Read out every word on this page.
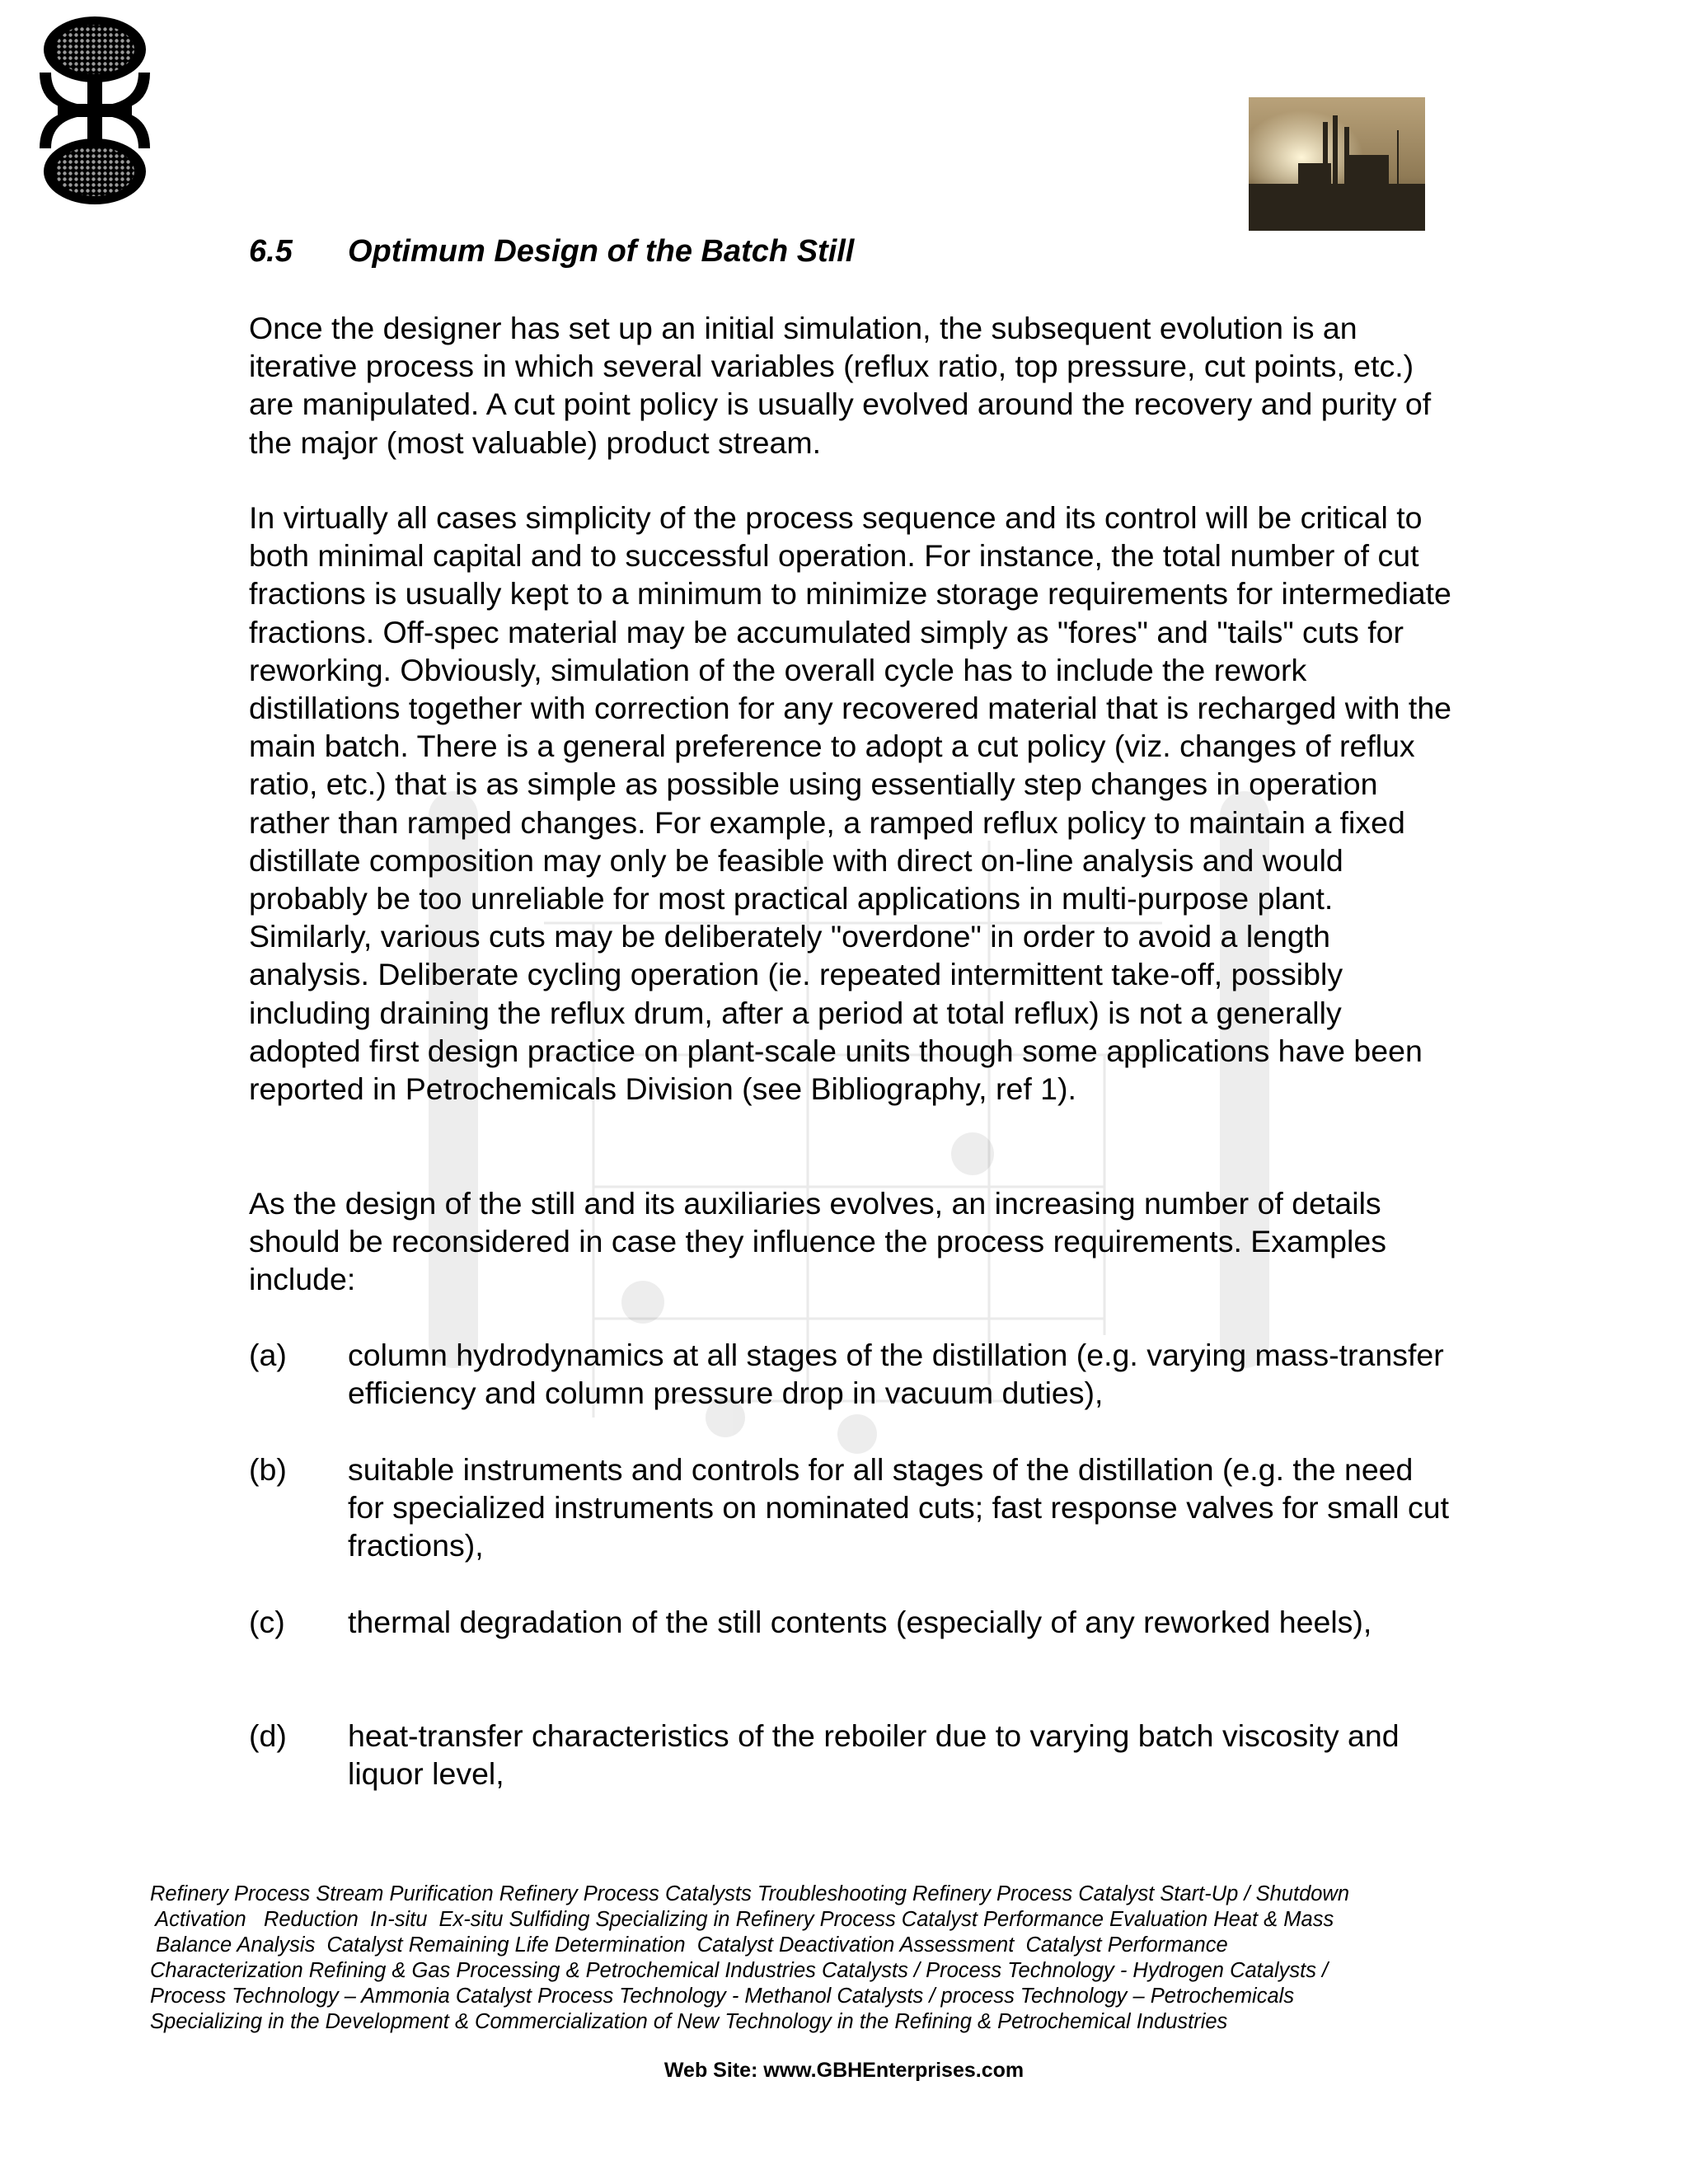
6.5 Optimum Design of the Batch Still

Once the designer has set up an initial simulation, the subsequent evolution is an iterative process in which several variables (reflux ratio, top pressure, cut points, etc.) are manipulated. A cut point policy is usually evolved around the recovery and purity of the major (most valuable) product stream.

In virtually all cases simplicity of the process sequence and its control will be critical to both minimal capital and to successful operation. For instance, the total number of cut fractions is usually kept to a minimum to minimize storage requirements for intermediate fractions. Off-spec material may be accumulated simply as "fores" and "tails" cuts for reworking. Obviously, simulation of the overall cycle has to include the rework distillations together with correction for any recovered material that is recharged with the main batch. There is a general preference to adopt a cut policy (viz. changes of reflux ratio, etc.) that is as simple as possible using essentially step changes in operation rather than ramped changes. For example, a ramped reflux policy to maintain a fixed distillate composition may only be feasible with direct on-line analysis and would probably be too unreliable for most practical applications in multi-purpose plant. Similarly, various cuts may be deliberately "overdone" in order to avoid a length analysis. Deliberate cycling operation (ie. repeated intermittent take-off, possibly including draining the reflux drum, after a period at total reflux) is not a generally adopted first design practice on plant-scale units though some applications have been reported in Petrochemicals Division (see Bibliography, ref 1).

As the design of the still and its auxiliaries evolves, an increasing number of details should be reconsidered in case they influence the process requirements. Examples include:

(a) column hydrodynamics at all stages of the distillation (e.g. varying mass-transfer efficiency and column pressure drop in vacuum duties),
(b) suitable instruments and controls for all stages of the distillation (e.g. the need for specialized instruments on nominated cuts; fast response valves for small cut fractions),
(c) thermal degradation of the still contents (especially of any reworked heels),
(d) heat-transfer characteristics of the reboiler due to varying batch viscosity and liquor level,
Refinery Process Stream Purification Refinery Process Catalysts Troubleshooting Refinery Process Catalyst Start-Up / Shutdown
Activation   Reduction  In-situ  Ex-situ Sulfiding Specializing in Refinery Process Catalyst Performance Evaluation Heat & Mass
Balance Analysis  Catalyst Remaining Life Determination  Catalyst Deactivation Assessment  Catalyst Performance
Characterization Refining & Gas Processing & Petrochemical Industries Catalysts / Process Technology - Hydrogen Catalysts /
Process Technology – Ammonia Catalyst Process Technology - Methanol Catalysts / process Technology – Petrochemicals
Specializing in the Development & Commercialization of New Technology in the Refining & Petrochemical Industries
Web Site: www.GBHEnterprises.com
